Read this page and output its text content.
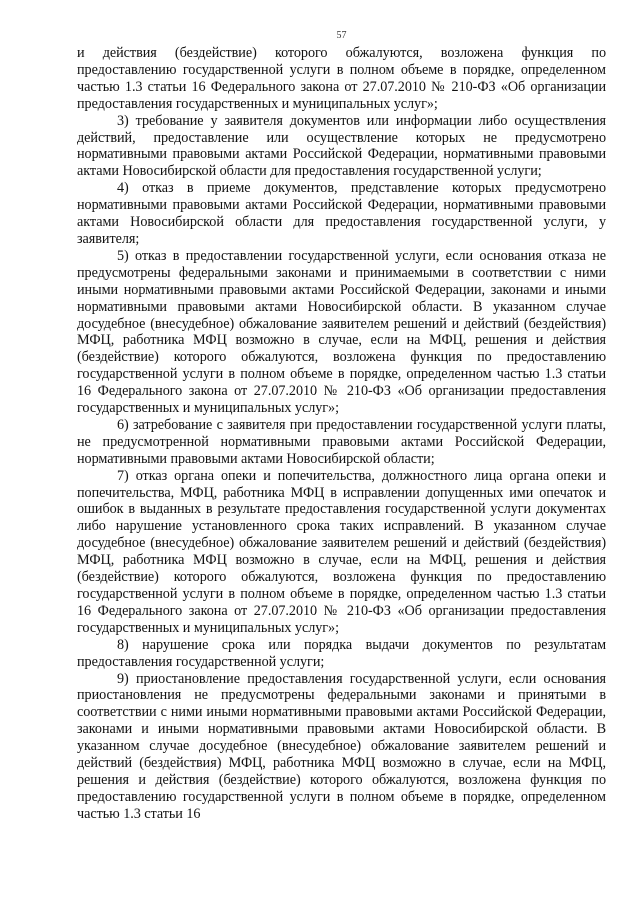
57

и действия (бездействие) которого обжалуются, возложена функция по предоставлению государственной услуги в полном объеме в порядке, определенном частью 1.3 статьи 16 Федерального закона от 27.07.2010 № 210-ФЗ «Об организации предоставления государственных и муниципальных услуг»;

3) требование у заявителя документов или информации либо осуществления действий, предоставление или осуществление которых не предусмотрено нормативными правовыми актами Российской Федерации, нормативными правовыми актами Новосибирской области для предоставления государственной услуги;

4) отказ в приеме документов, представление которых предусмотрено нормативными правовыми актами Российской Федерации, нормативными правовыми актами Новосибирской области для предоставления государственной услуги, у заявителя;

5) отказ в предоставлении государственной услуги, если основания отказа не предусмотрены федеральными законами и принимаемыми в соответствии с ними иными нормативными правовыми актами Российской Федерации, законами и иными нормативными правовыми актами Новосибирской области. В указанном случае досудебное (внесудебное) обжалование заявителем решений и действий (бездействия) МФЦ, работника МФЦ возможно в случае, если на МФЦ, решения и действия (бездействие) которого обжалуются, возложена функция по предоставлению государственной услуги в полном объеме в порядке, определенном частью 1.3 статьи 16 Федерального закона от 27.07.2010 № 210-ФЗ «Об организации предоставления государственных и муниципальных услуг»;

6) затребование с заявителя при предоставлении государственной услуги платы, не предусмотренной нормативными правовыми актами Российской Федерации, нормативными правовыми актами Новосибирской области;

7) отказ органа опеки и попечительства, должностного лица органа опеки и попечительства, МФЦ, работника МФЦ в исправлении допущенных ими опечаток и ошибок в выданных в результате предоставления государственной услуги документах либо нарушение установленного срока таких исправлений. В указанном случае досудебное (внесудебное) обжалование заявителем решений и действий (бездействия) МФЦ, работника МФЦ возможно в случае, если на МФЦ, решения и действия (бездействие) которого обжалуются, возложена функция по предоставлению государственной услуги в полном объеме в порядке, определенном частью 1.3 статьи 16 Федерального закона от 27.07.2010 № 210-ФЗ «Об организации предоставления государственных и муниципальных услуг»;

8) нарушение срока или порядка выдачи документов по результатам предоставления государственной услуги;

9) приостановление предоставления государственной услуги, если основания приостановления не предусмотрены федеральными законами и принятыми в соответствии с ними иными нормативными правовыми актами Российской Федерации, законами и иными нормативными правовыми актами Новосибирской области. В указанном случае досудебное (внесудебное) обжалование заявителем решений и действий (бездействия) МФЦ, работника МФЦ возможно в случае, если на МФЦ, решения и действия (бездействие) которого обжалуются, возложена функция по предоставлению государственной услуги в полном объеме в порядке, определенном частью 1.3 статьи 16
